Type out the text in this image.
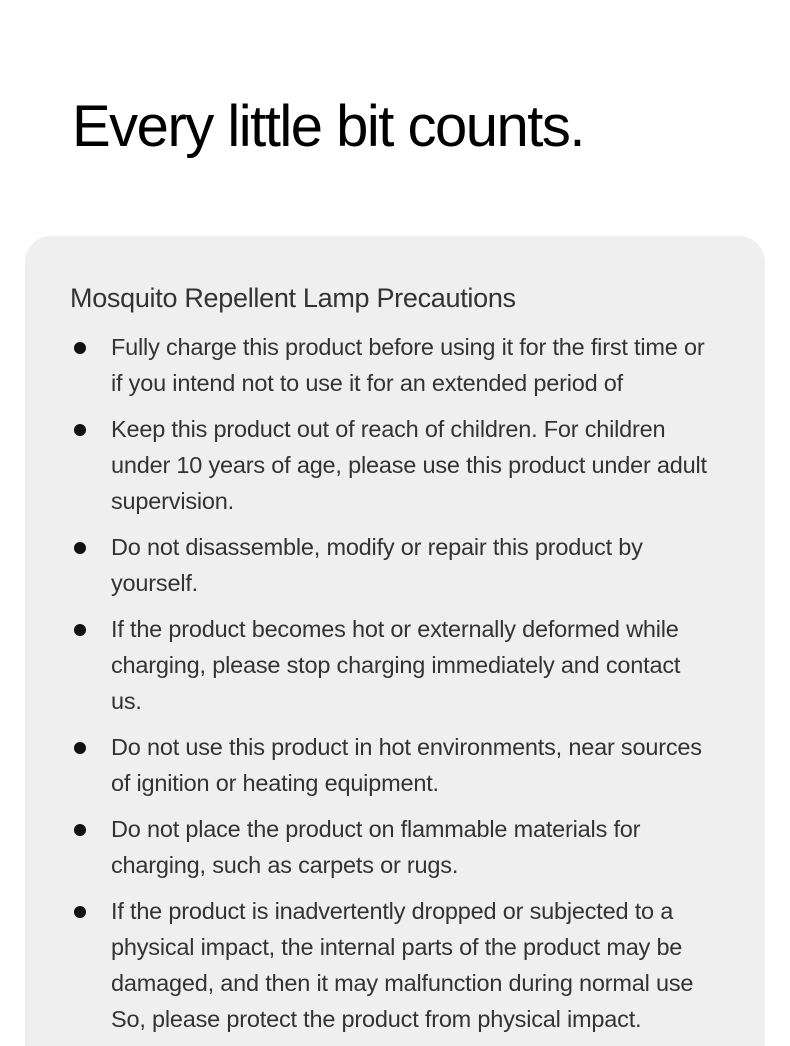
Every little bit counts.
Mosquito Repellent Lamp Precautions
Fully charge this product before using it for the first time or if you intend not to use it for an extended period of
Keep this product out of reach of children. For children under 10 years of age, please use this product under adult supervision.
Do not disassemble, modify or repair this product by yourself.
If the product becomes hot or externally deformed while charging, please stop charging immediately and contact us.
Do not use this product in hot environments, near sources of ignition or heating equipment.
Do not place the product on flammable materials for charging, such as carpets or rugs.
If the product is inadvertently dropped or subjected to a physical impact, the internal parts of the product may be damaged, and then it may malfunction during normal use So, please protect the product from physical impact.
